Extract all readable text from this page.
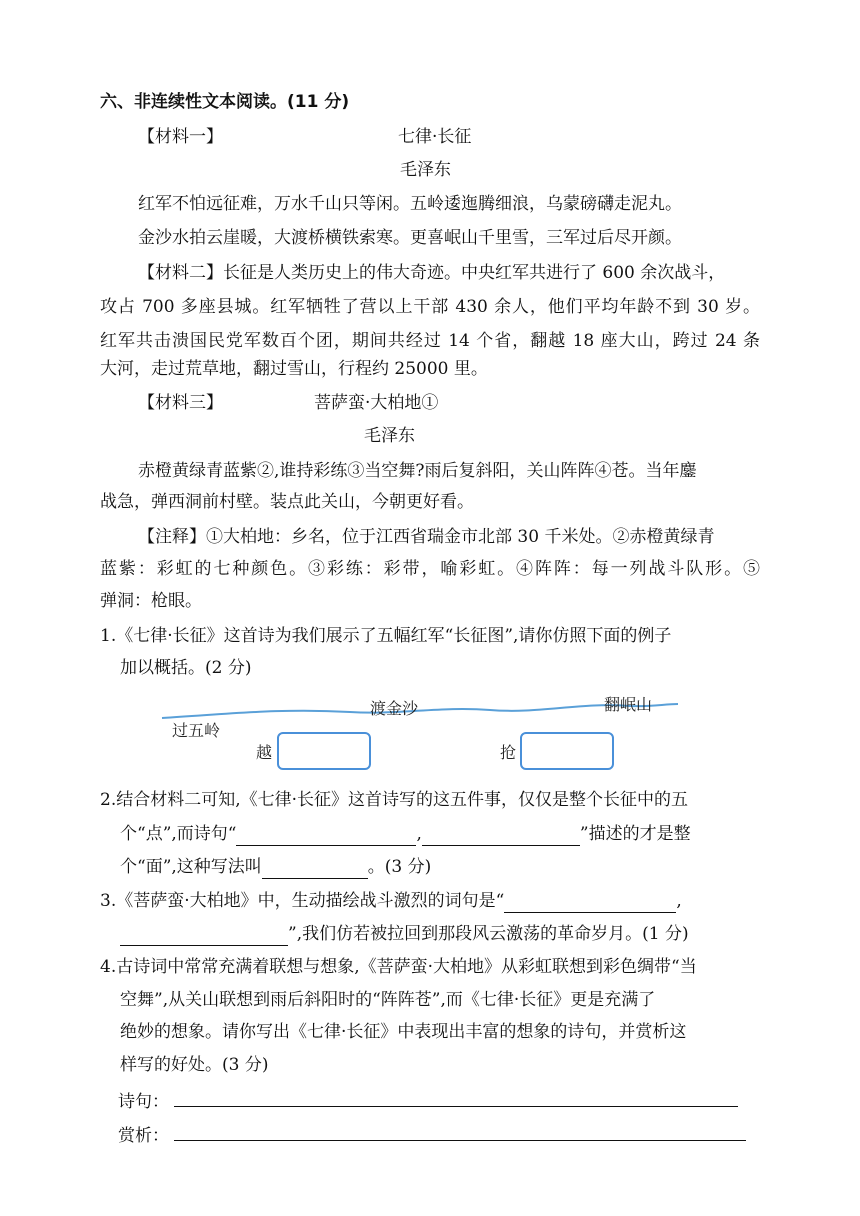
六、非连续性文本阅读。(11 分)
【材料一】	七律·长征
毛泽东
红军不怕远征难，万水千山只等闲。五岭逶迤腾细浪，乌蒙磅礴走泥丸。
金沙水拍云崖暖，大渡桥横铁索寒。更喜岷山千里雪，三军过后尽开颜。
【材料二】长征是人类历史上的伟大奇迹。中央红军共进行了 600 余次战斗，
攻占 700 多座县城。红军牺牲了营以上干部 430 余人，他们平均年龄不到 30 岁。
红军共击溃国民党军数百个团，期间共经过 14 个省，翻越 18 座大山，跨过 24 条
大河，走过荒草地，翻过雪山，行程约 25000 里。
【材料三】	菩萨蛮·大柏地①
毛泽东
赤橙黄绿青蓝紫②,谁持彩练③当空舞?雨后复斜阳，关山阵阵④苍。当年鏖
战急，弹西洞前村壁。装点此关山，今朝更好看。
【注释】①大柏地：乡名，位于江西省瑞金市北部 30 千米处。②赤橙黄绿青
蓝紫：彩虹的七种颜色。③彩练：彩带，喻彩虹。④阵阵：每一列战斗队形。⑤
弹洞：枪眼。
1.《七律·长征》这首诗为我们展示了五幅红军“长征图”,请你仿照下面的例子
加以概括。(2 分)
过五岭
渡金沙	翻岷山
越	抢
2.结合材料二可知,《七律·长征》这首诗写的这五件事，仅仅是整个长征中的五
个“点”,而诗句“	,	”描述的才是整
个“面”,这种写法叫	。(3 分)
3.《菩萨蛮·大柏地》中，生动描绘战斗激烈的词句是“	,
”,我们仿若被拉回到那段风云激荡的革命岁月。(1 分)
4.古诗词中常常充满着联想与想象,《菩萨蛮·大柏地》从彩虹联想到彩色绸带“当
空舞”,从关山联想到雨后斜阳时的“阵阵苍”,而《七律·长征》更是充满了
绝妙的想象。请你写出《七律·长征》中表现出丰富的想象的诗句，并赏析这
样写的好处。(3 分)
诗句：
赏析：
